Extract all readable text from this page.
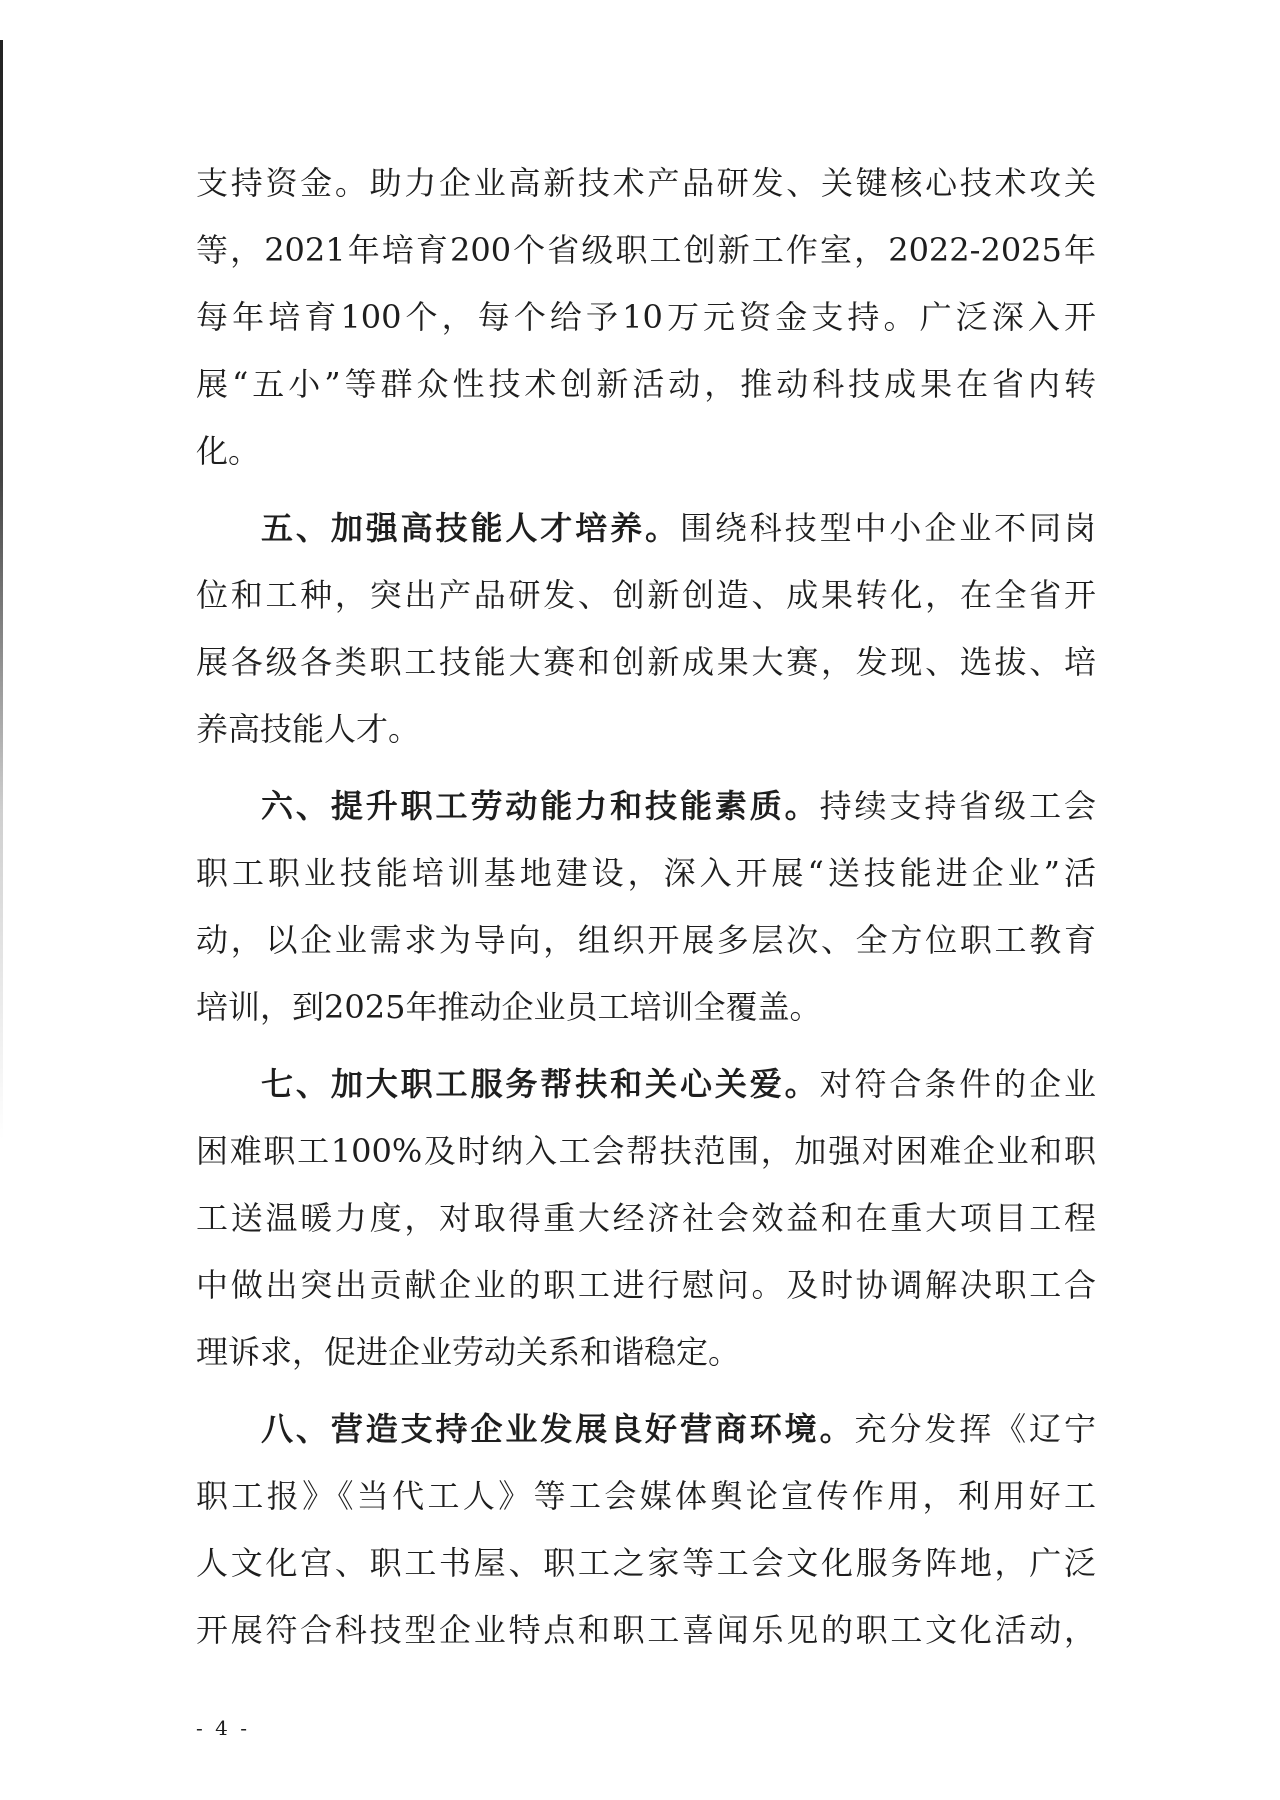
支持资金。助力企业高新技术产品研发、关键核心技术攻关
等，2021年培育200个省级职工创新工作室，2022-2025年
每年培育100个，每个给予10万元资金支持。广泛深入开
展“五小”等群众性技术创新活动，推动科技成果在省内转
化。
五、加强高技能人才培养。围绕科技型中小企业不同岗
位和工种，突出产品研发、创新创造、成果转化，在全省开
展各级各类职工技能大赛和创新成果大赛，发现、选拔、培
养高技能人才。
六、提升职工劳动能力和技能素质。持续支持省级工会
职工职业技能培训基地建设，深入开展“送技能进企业”活
动，以企业需求为导向，组织开展多层次、全方位职工教育
培训，到2025年推动企业员工培训全覆盖。
七、加大职工服务帮扶和关心关爱。对符合条件的企业
困难职工100%及时纳入工会帮扶范围，加强对困难企业和职
工送温暖力度，对取得重大经济社会效益和在重大项目工程
中做出突出贡献企业的职工进行慰问。及时协调解决职工合
理诉求，促进企业劳动关系和谐稳定。
八、营造支持企业发展良好营商环境。充分发挥《辽宁
职工报》《当代工人》等工会媒体舆论宣传作用，利用好工
人文化宫、职工书屋、职工之家等工会文化服务阵地，广泛
开展符合科技型企业特点和职工喜闻乐见的职工文化活动，
- 4 -
